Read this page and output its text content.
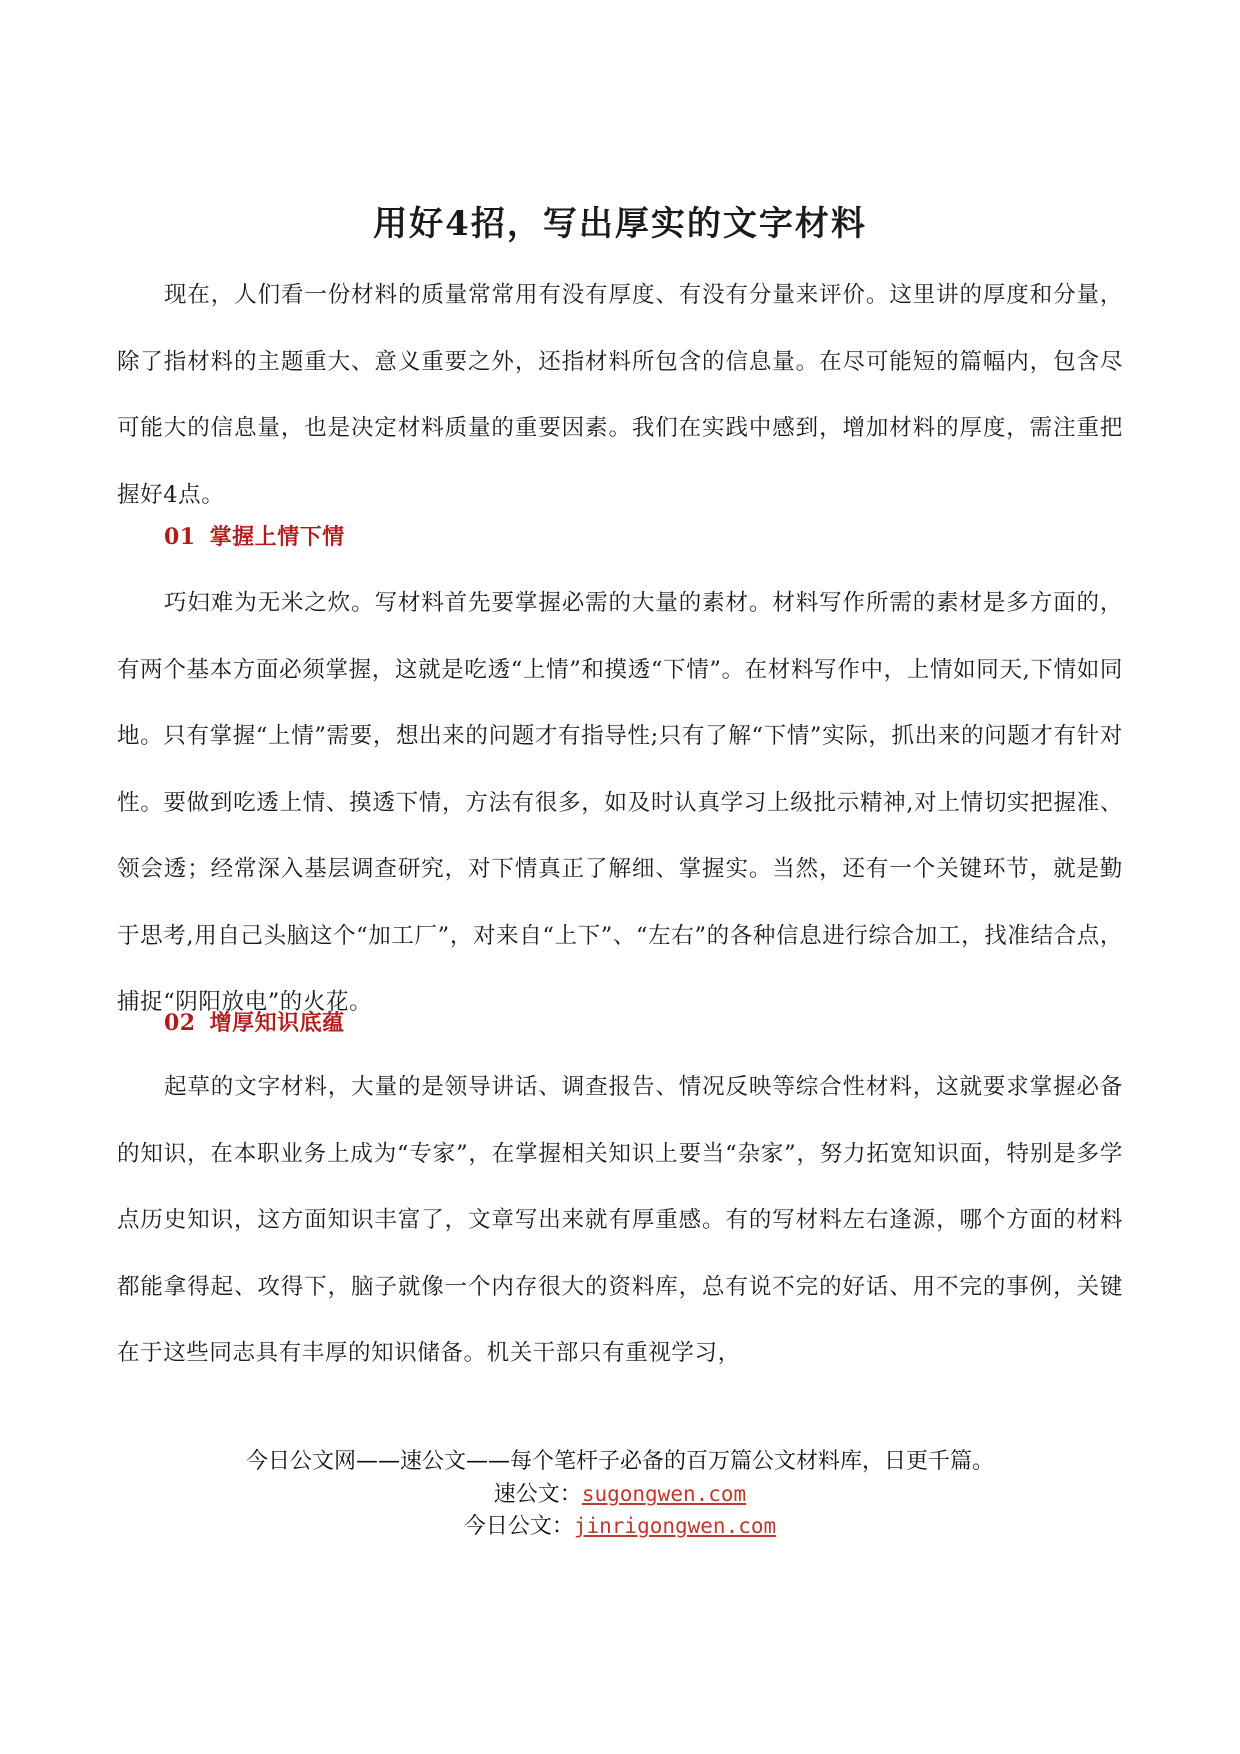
用好4招，写出厚实的文字材料

现在，人们看一份材料的质量常常用有没有厚度、有没有分量来评价。这里讲的厚度和分量，除了指材料的主题重大、意义重要之外，还指材料所包含的信息量。在尽可能短的篇幅内，包含尽可能大的信息量，也是决定材料质量的重要因素。我们在实践中感到，增加材料的厚度，需注重把握好4点。

01 掌握上情下情

巧妇难为无米之炊。写材料首先要掌握必需的大量的素材。材料写作所需的素材是多方面的，有两个基本方面必须掌握，这就是吃透“上情”和摸透“下情”。在材料写作中，上情如同天,下情如同地。只有掌握“上情”需要，想出来的问题才有指导性;只有了解“下情”实际，抓出来的问题才有针对性。要做到吃透上情、摸透下情，方法有很多，如及时认真学习上级批示精神,对上情切实把握准、领会透；经常深入基层调查研究，对下情真正了解细、掌握实。当然，还有一个关键环节，就是勤于思考,用自己头脑这个“加工厂”，对来自“上下”、“左右”的各种信息进行综合加工，找准结合点，捕捉“阴阳放电”的火花。

02 增厚知识底蕴

起草的文字材料，大量的是领导讲话、调查报告、情况反映等综合性材料，这就要求掌握必备的知识，在本职业务上成为“专家”，在掌握相关知识上要当“杂家”，努力拓宽知识面，特别是多学点历史知识，这方面知识丰富了，文章写出来就有厚重感。有的写材料左右逢源，哪个方面的材料都能拿得起、攻得下，脑子就像一个内存很大的资料库，总有说不完的好话、用不完的事例，关键在于这些同志具有丰厚的知识储备。机关干部只有重视学习，

今日公文网——速公文——每个笔杆子必备的百万篇公文材料库，日更千篇。

速公文：sugongwen.com

今日公文：jinrigongwen.com
